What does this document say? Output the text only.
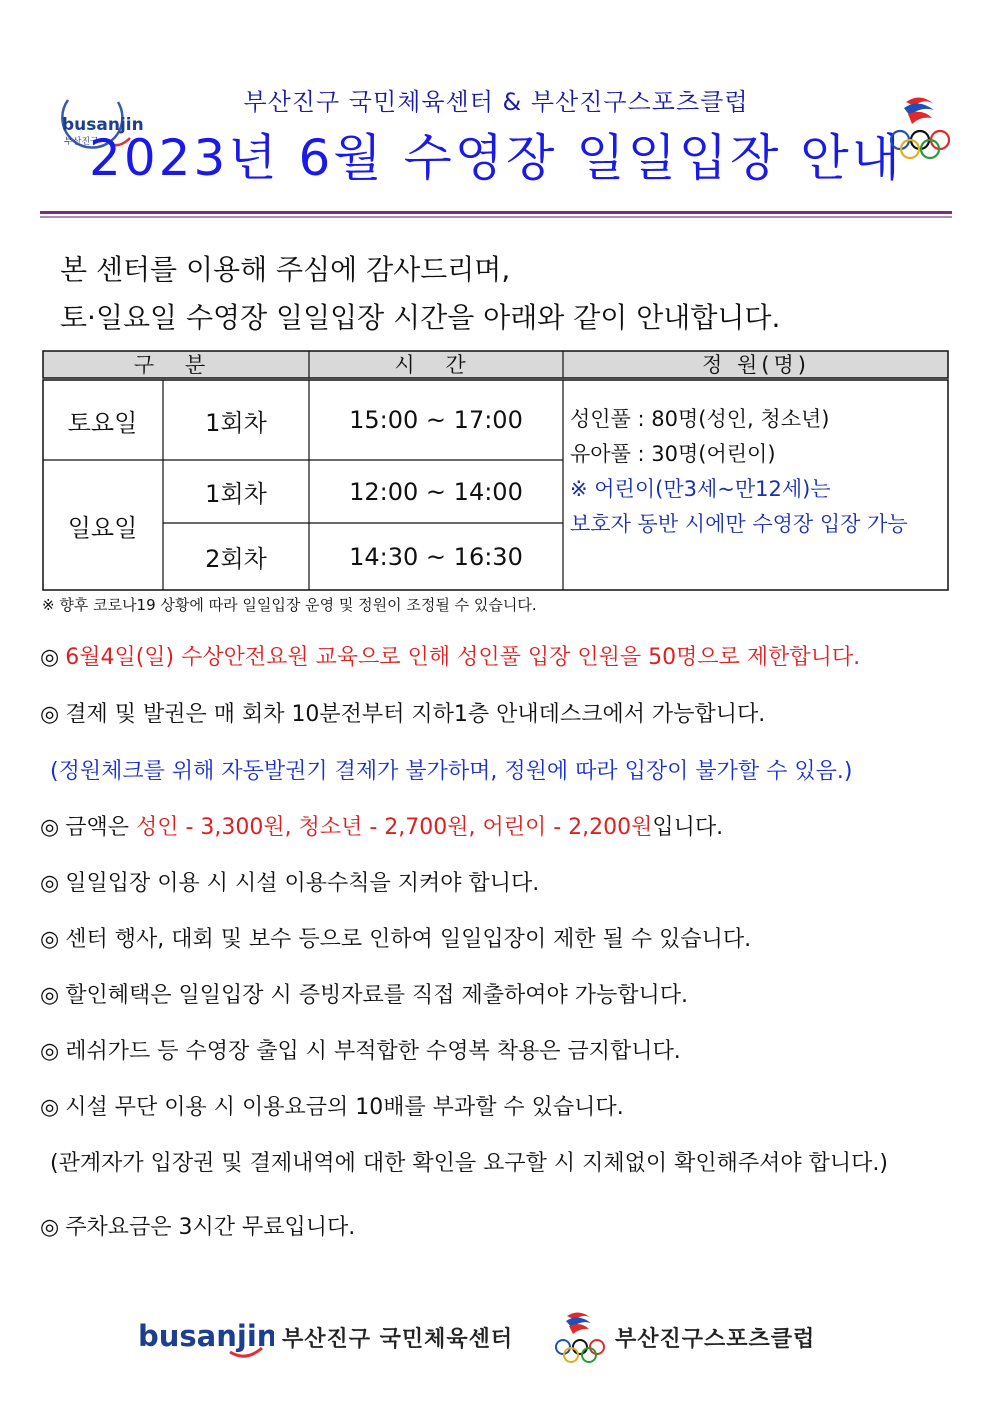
busanjin
부산진구
부산진구 국민체육센터 & 부산진구스포츠클럽
2023년 6월 수영장 일일입장 안내
본 센터를 이용해 주심에 감사드리며,
토·일요일 수영장 일일입장 시간을 아래와 같이 안내합니다.
구 분	시 간	정 원(명)
토요일	1회차	15:00 ~ 17:00
일요일
1회차	12:00 ~ 14:00
2회차	14:30 ~ 16:30
성인풀 : 80명(성인, 청소년)
유아풀 : 30명(어린이)
※ 어린이(만3세~만12세)는
보호자 동반 시에만 수영장 입장 가능
※ 향후 코로나19 상황에 따라 일일입장 운영 및 정원이 조정될 수 있습니다.
◎ 6월4일(일) 수상안전요원 교육으로 인해 성인풀 입장 인원을 50명으로 제한합니다.
◎ 결제 및 발권은 매 회차 10분전부터 지하1층 안내데스크에서 가능합니다.
(정원체크를 위해 자동발권기 결제가 불가하며, 정원에 따라 입장이 불가할 수 있음.)
◎ 금액은 성인 - 3,300원, 청소년 - 2,700원, 어린이 - 2,200원입니다.
◎ 일일입장 이용 시 시설 이용수칙을 지켜야 합니다.
◎ 센터 행사, 대회 및 보수 등으로 인하여 일일입장이 제한 될 수 있습니다.
◎ 할인혜택은 일일입장 시 증빙자료를 직접 제출하여야 가능합니다.
◎ 레쉬가드 등 수영장 출입 시 부적합한 수영복 착용은 금지합니다.
◎ 시설 무단 이용 시 이용요금의 10배를 부과할 수 있습니다.
(관계자가 입장권 및 결제내역에 대한 확인을 요구할 시 지체없이 확인해주셔야 합니다.)
◎ 주차요금은 3시간 무료입니다.
busanjin 부산진구 국민체육센터	부산진구스포츠클럽
